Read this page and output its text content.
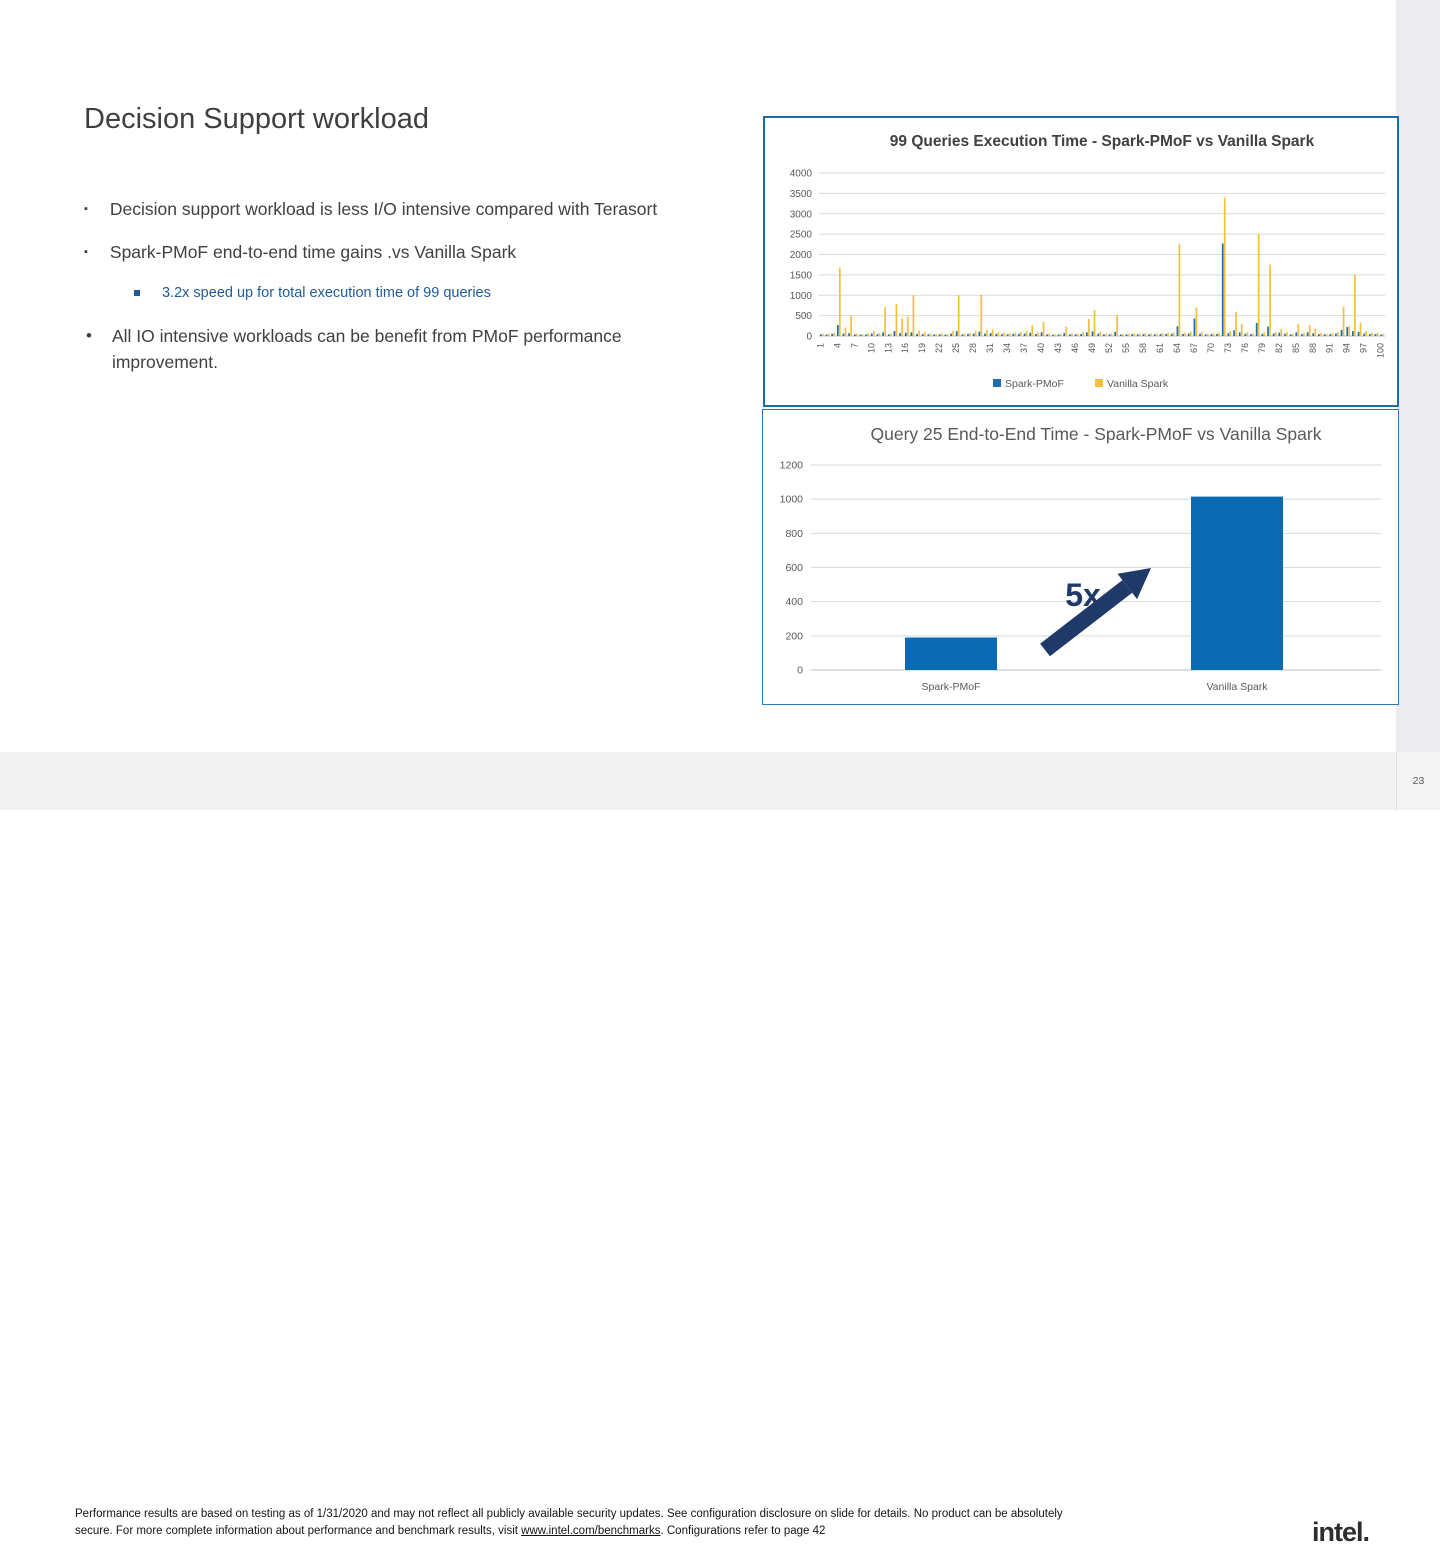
Decision Support workload
▪ Decision support workload is less I/O intensive compared with Terasort
▪ Spark-PMoF end-to-end time gains .vs Vanilla Spark
3.2x speed up for total execution time of 99 queries
• All IO intensive workloads can be benefit from PMoF performance improvement.
0
500
1000
1500
2000
2500
3000
3500
4000
1 4 7 10 13 16 19 22 25 28 31 34 37 40 43 46 49 52 55 58 61 64 67 70 73 76 79 82 85 88 91 94 97 100
99 Queries Execution Time - Spark-PMoF vs Vanilla Spark
Spark-PMoF	Vanilla Spark
0
200
400
600
800
1000
1200
Spark-PMoF	Vanilla Spark
Query 25 End-to-End Time - Spark-PMoF vs Vanilla Spark
5x

Performance results are based on testing as of 1/31/2020 and may not reflect all publicly available security updates. See configuration disclosure on slide for details. No product can be absolutely

secure. For more complete information about performance and benchmark results, visit www.intel.com/benchmarks. Configurations refer to page 42	intel.
23
